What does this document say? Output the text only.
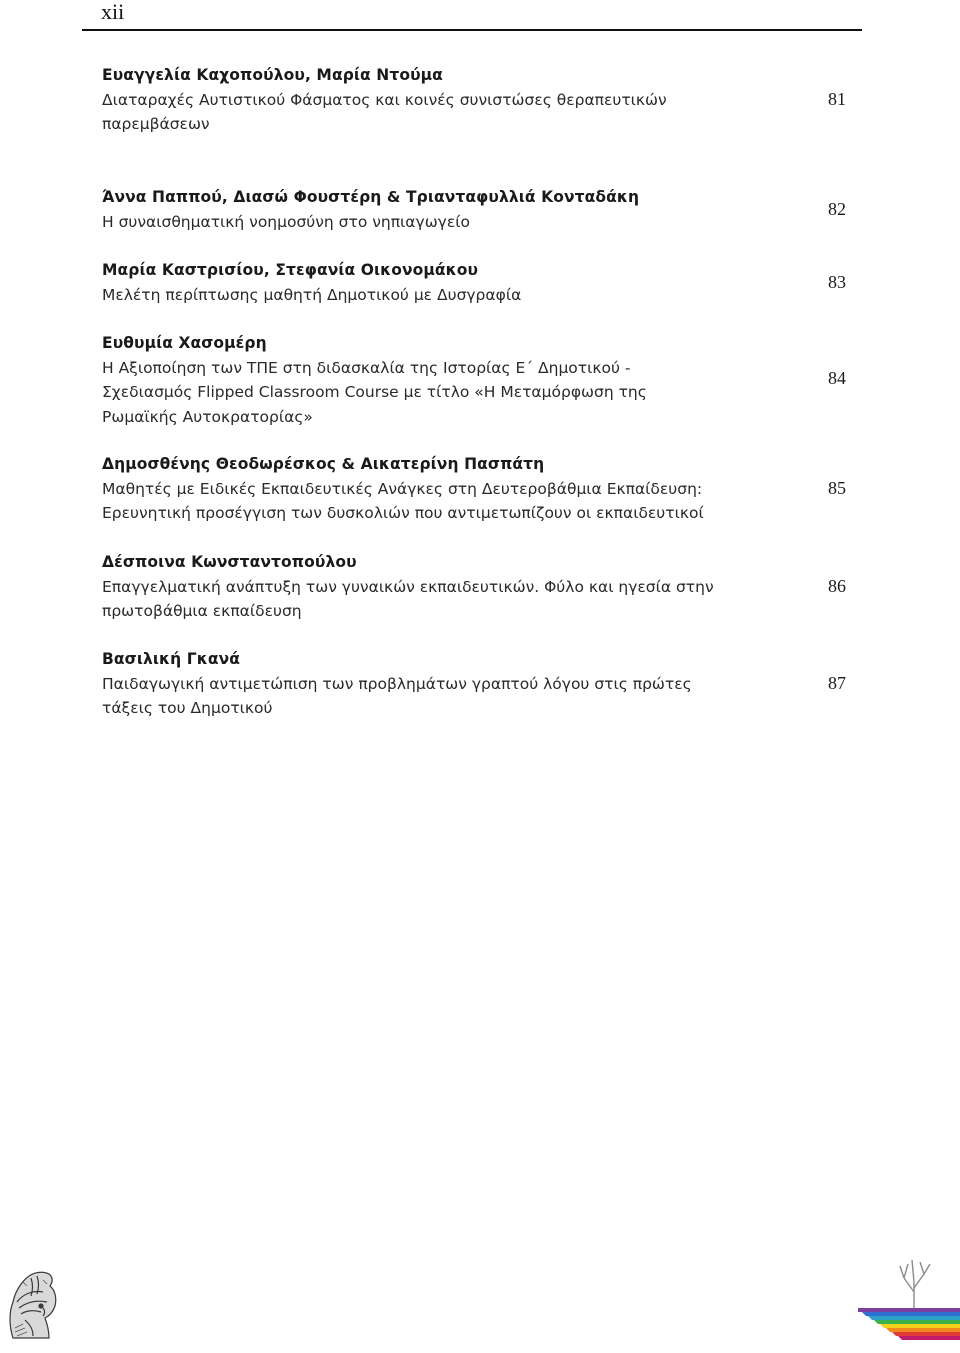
xii
Ευαγγελία Καχοπούλου, Μαρία Ντούμα
Διαταραχές Αυτιστικού Φάσματος και κοινές συνιστώσες θεραπευτικών
παρεμβάσεων
81
Άννα Παππού, Διασώ Φουστέρη & Τριανταφυλλιά Κονταδάκη
Η συναισθηματική νοημοσύνη στο νηπιαγωγείο
82
Μαρία Καστρισίου, Στεφανία Οικονομάκου
Μελέτη περίπτωσης μαθητή Δημοτικού με Δυσγραφία
83
Ευθυμία Χασομέρη
Η Αξιοποίηση των ΤΠΕ στη διδασκαλία της Ιστορίας Ε΄ Δημοτικού -
Σχεδιασμός Flipped Classroom Course με τίτλο «Η Μεταμόρφωση της
Ρωμαϊκής Αυτοκρατορίας»
84
Δημοσθένης Θεοδωρέσκος & Αικατερίνη Πασπάτη
Μαθητές με Ειδικές Εκπαιδευτικές Ανάγκες στη Δευτεροβάθμια Εκπαίδευση:
Ερευνητική προσέγγιση των δυσκολιών που αντιμετωπίζουν οι εκπαιδευτικοί
85
Δέσποινα Κωνσταντοπούλου
Επαγγελματική ανάπτυξη των γυναικών εκπαιδευτικών. Φύλο και ηγεσία στην
πρωτοβάθμια εκπαίδευση
86
Βασιλική Γκανά
Παιδαγωγική αντιμετώπιση των προβλημάτων γραπτού λόγου στις πρώτες
τάξεις του Δημοτικού
87
